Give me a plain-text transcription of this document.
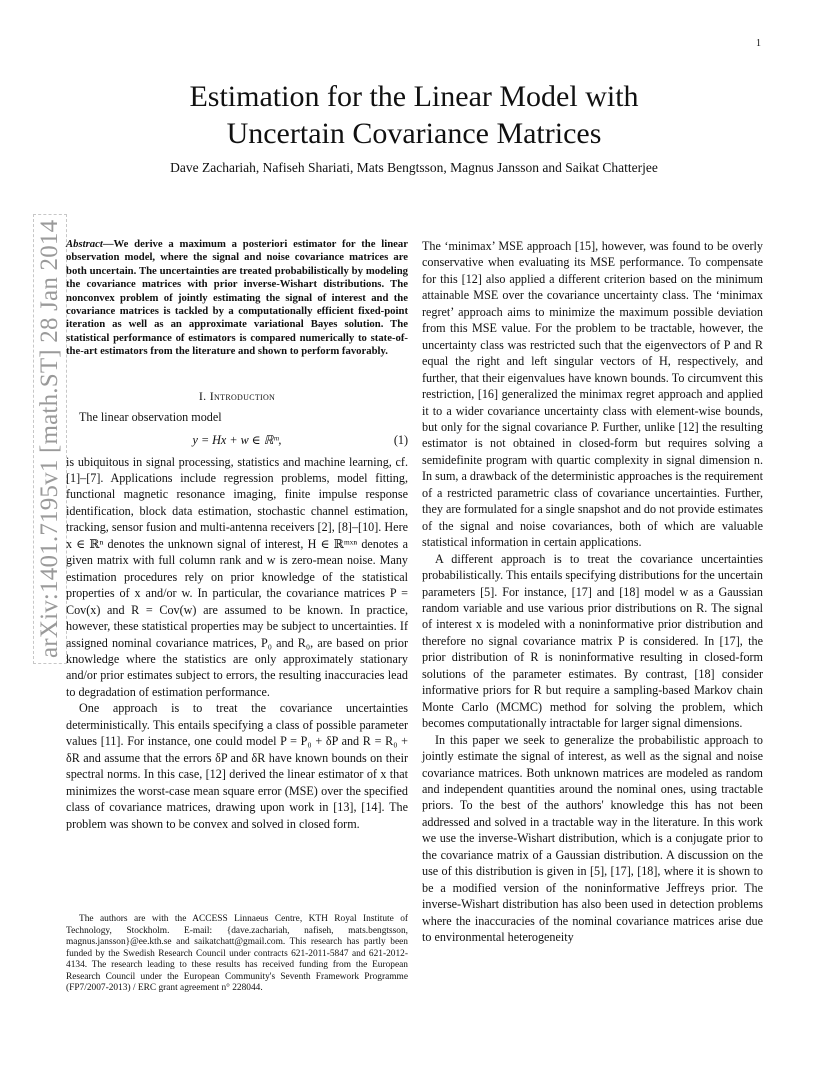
1
arXiv:1401.7195v1 [math.ST] 28 Jan 2014
Estimation for the Linear Model with
Uncertain Covariance Matrices
Dave Zachariah, Nafiseh Shariati, Mats Bengtsson, Magnus Jansson and Saikat Chatterjee

Abstract—We derive a maximum a posteriori estimator for the linear observation model, where the signal and noise covariance matrices are both uncertain. The uncertainties are treated probabilistically by modeling the covariance matrices with prior inverse-Wishart distributions. The nonconvex problem of jointly estimating the signal of interest and the covariance matrices is tackled by a computationally efficient fixed-point iteration as well as an approximate variational Bayes solution. The statistical performance of estimators is compared numerically to state-of-the-art estimators from the literature and shown to perform favorably.

I. Introduction

The linear observation model

y = Hx + w ∈ ℝᵐ,	(1)

is ubiquitous in signal processing, statistics and machine learning, cf. [1]–[7]. Applications include regression problems, model fitting, functional magnetic resonance imaging, finite impulse response identification, block data estimation, stochastic channel estimation, tracking, sensor fusion and multi-antenna receivers [2], [8]–[10]. Here x ∈ ℝⁿ denotes the unknown signal of interest, H ∈ ℝᵐˣⁿ denotes a given matrix with full column rank and w is zero-mean noise. Many estimation procedures rely on prior knowledge of the statistical properties of x and/or w. In particular, the covariance matrices P = Cov(x) and R = Cov(w) are assumed to be known. In practice, however, these statistical properties may be subject to uncertainties. If assigned nominal covariance matrices, P₀ and R₀, are based on prior knowledge where the statistics are only approximately stationary and/or prior estimates subject to errors, the resulting inaccuracies lead to degradation of estimation performance.

One approach is to treat the covariance uncertainties deterministically. This entails specifying a class of possible parameter values [11]. For instance, one could model P = P₀ + δP and R = R₀ + δR and assume that the errors δP and δR have known bounds on their spectral norms. In this case, [12] derived the linear estimator of x that minimizes the worst-case mean square error (MSE) over the specified class of covariance matrices, drawing upon work in [13], [14]. The problem was shown to be convex and solved in closed form.

The authors are with the ACCESS Linnaeus Centre, KTH Royal Institute of Technology, Stockholm. E-mail: {dave.zachariah, nafiseh, mats.bengtsson, magnus.jansson}@ee.kth.se and saikatchatt@gmail.com. This research has partly been funded by the Swedish Research Council under contracts 621-2011-5847 and 621-2012-4134. The research leading to these results has received funding from the European Research Council under the European Community's Seventh Framework Programme (FP7/2007-2013) / ERC grant agreement n° 228044.

The ‘minimax’ MSE approach [15], however, was found to be overly conservative when evaluating its MSE performance. To compensate for this [12] also applied a different criterion based on the minimum attainable MSE over the covariance uncertainty class. The ‘minimax regret’ approach aims to minimize the maximum possible deviation from this MSE value. For the problem to be tractable, however, the uncertainty class was restricted such that the eigenvectors of P and R equal the right and left singular vectors of H, respectively, and further, that their eigenvalues have known bounds. To circumvent this restriction, [16] generalized the minimax regret approach and applied it to a wider covariance uncertainty class with element-wise bounds, but only for the signal covariance P. Further, unlike [12] the resulting estimator is not obtained in closed-form but requires solving a semidefinite program with quartic complexity in signal dimension n. In sum, a drawback of the deterministic approaches is the requirement of a restricted parametric class of covariance uncertainties. Further, they are formulated for a single snapshot and do not provide estimates of the signal and noise covariances, both of which are valuable statistical information in certain applications.

A different approach is to treat the covariance uncertainties probabilistically. This entails specifying distributions for the uncertain parameters [5]. For instance, [17] and [18] model w as a Gaussian random variable and use various prior distributions on R. The signal of interest x is modeled with a noninformative prior distribution and therefore no signal covariance matrix P is considered. In [17], the prior distribution of R is noninformative resulting in closed-form solutions of the parameter estimates. By contrast, [18] consider informative priors for R but require a sampling-based Markov chain Monte Carlo (MCMC) method for solving the problem, which becomes computationally intractable for larger signal dimensions.

In this paper we seek to generalize the probabilistic approach to jointly estimate the signal of interest, as well as the signal and noise covariance matrices. Both unknown matrices are modeled as random and independent quantities around the nominal ones, using tractable priors. To the best of the authors' knowledge this has not been addressed and solved in a tractable way in the literature. In this work we use the inverse-Wishart distribution, which is a conjugate prior to the covariance matrix of a Gaussian distribution. A discussion on the use of this distribution is given in [5], [17], [18], where it is shown to be a modified version of the noninformative Jeffreys prior. The inverse-Wishart distribution has also been used in detection problems where the inaccuracies of the nominal covariance matrices arise due to environmental heterogeneity
